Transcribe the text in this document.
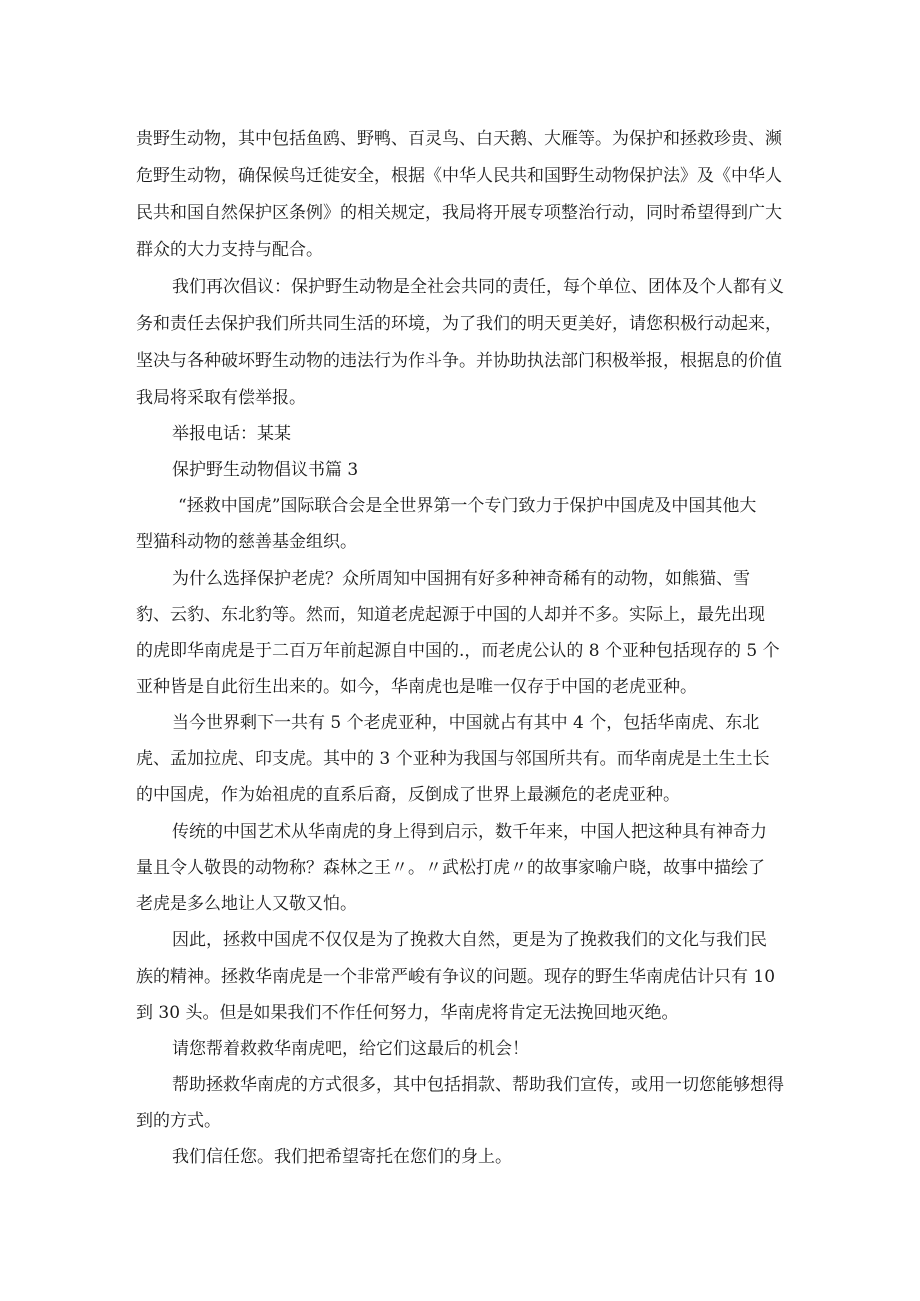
贵野生动物，其中包括鱼鸥、野鸭、百灵鸟、白天鹅、大雁等。为保护和拯救珍贵、濒

危野生动物，确保候鸟迁徙安全，根据《中华人民共和国野生动物保护法》及《中华人

民共和国自然保护区条例》的相关规定，我局将开展专项整治行动，同时希望得到广大

群众的大力支持与配合。

我们再次倡议：保护野生动物是全社会共同的责任，每个单位、团体及个人都有义

务和责任去保护我们所共同生活的环境，为了我们的明天更美好，请您积极行动起来，

坚决与各种破坏野生动物的违法行为作斗争。并协助执法部门积极举报，根据息的价值

我局将采取有偿举报。

举报电话：某某

保护野生动物倡议书篇 3

“拯救中国虎”国际联合会是全世界第一个专门致力于保护中国虎及中国其他大

型猫科动物的慈善基金组织。

为什么选择保护老虎？众所周知中国拥有好多种神奇稀有的动物，如熊猫、雪

豹、云豹、东北豹等。然而，知道老虎起源于中国的人却并不多。实际上，最先出现

的虎即华南虎是于二百万年前起源自中国的.，而老虎公认的 8 个亚种包括现存的 5 个

亚种皆是自此衍生出来的。如今，华南虎也是唯一仅存于中国的老虎亚种。

当今世界剩下一共有 5 个老虎亚种，中国就占有其中 4 个，包括华南虎、东北

虎、孟加拉虎、印支虎。其中的 3 个亚种为我国与邻国所共有。而华南虎是土生土长

的中国虎，作为始祖虎的直系后裔，反倒成了世界上最濒危的老虎亚种。

传统的中国艺术从华南虎的身上得到启示，数千年来，中国人把这种具有神奇力

量且令人敬畏的动物称？森林之王〃。〃武松打虎〃的故事家喻户晓，故事中描绘了

老虎是多么地让人又敬又怕。

因此，拯救中国虎不仅仅是为了挽救大自然，更是为了挽救我们的文化与我们民

族的精神。拯救华南虎是一个非常严峻有争议的问题。现存的野生华南虎估计只有 10

到 30 头。但是如果我们不作任何努力，华南虎将肯定无法挽回地灭绝。

请您帮着救救华南虎吧，给它们这最后的机会！

帮助拯救华南虎的方式很多，其中包括捐款、帮助我们宣传，或用一切您能够想得

到的方式。

我们信任您。我们把希望寄托在您们的身上。
